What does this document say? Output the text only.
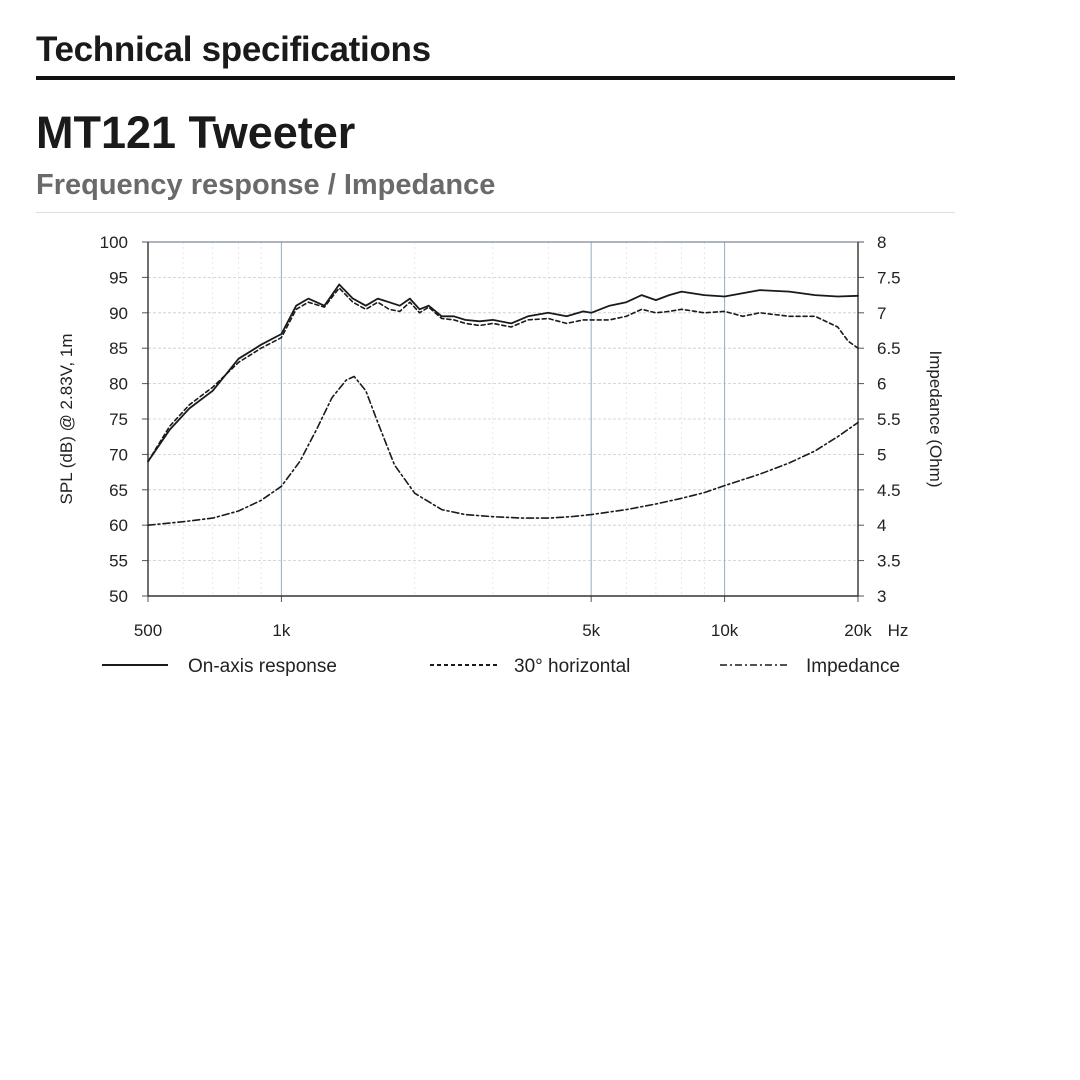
Technical specifications
MT121 Tweeter
Frequency response / Impedance
100	8
95	7.5
90	7
85	6.5
80	6
75	5.5
70	5
65	4.5
60	4
55	3.5
50	3
500	1k	5k	10k	20k Hz
SPL (dB) @ 2.83V, 1m	Impedance (Ohm)
On-axis response	30° horizontal	Impedance
